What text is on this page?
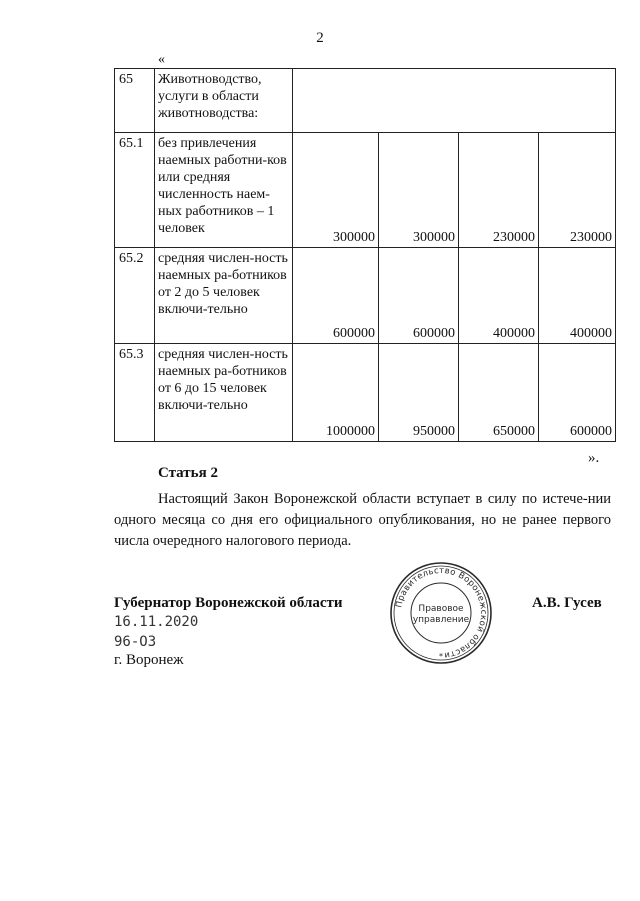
2
«
65	Животноводство, услуги в области животноводства:				
65.1	без привлечения наемных работни-ков или средняя численность наем-ных работников – 1 человек	300000	300000	230000	230000
65.2	средняя числен-ность наемных ра-ботников от 2 до 5 человек включи-тельно	600000	600000	400000	400000
65.3	средняя числен-ность наемных ра-ботников от 6 до 15 человек включи-тельно	1000000	950000	650000	600000
».
Статья 2
Настоящий Закон Воронежской области вступает в силу по истече-нии одного месяца со дня его официального опубликования, но не ранее первого числа очередного налогового периода.
Губернатор Воронежской области	А.В. Гусев
16.11.2020
96-ОЗ
г. Воронеж
Правительство Воронежской области
Правовое
управление
*
